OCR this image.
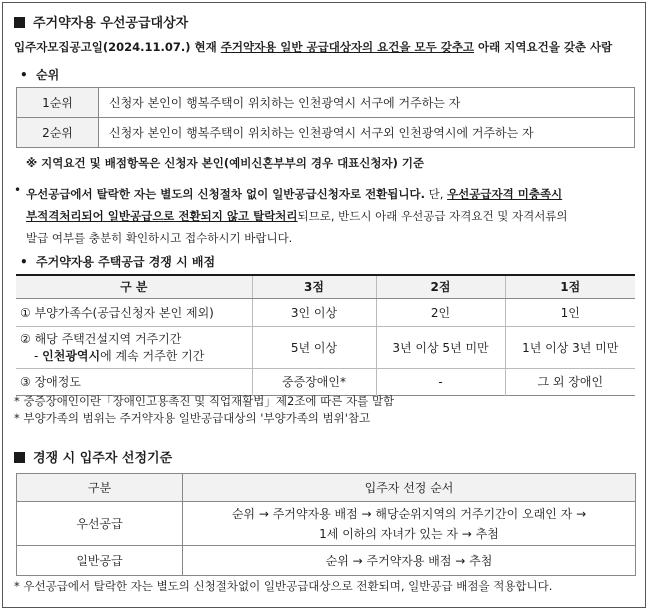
주거약자용 우선공급대상자
입주자모집공고일(2024.11.07.) 현재 주거약자용 일반 공급대상자의 요건을 모두 갖추고 아래 지역요건을 갖춘 사람
• 순위
1순위	신청자 본인이 행복주택이 위치하는 인천광역시 서구에 거주하는 자
2순위	신청자 본인이 행복주택이 위치하는 인천광역시 서구외 인천광역시에 거주하는 자
※ 지역요건 및 배점항목은 신청자 본인(예비신혼부부의 경우 대표신청자) 기준
• 우선공급에서 탈락한 자는 별도의 신청절차 없이 일반공급신청자로 전환됩니다. 단, 우선공급자격 미충족시
부적격처리되어 일반공급으로 전환되지 않고 탈락처리되므로, 반드시 아래 우선공급 자격요건 및 자격서류의
발급 여부를 충분히 확인하시고 접수하시기 바랍니다.
• 주거약자용 주택공급 경쟁 시 배점
구 분	3점	2점	1점
① 부양가족수(공급신청자 본인 제외)	3인 이상	2인	1인

② 해당 주택건설지역 거주기간
- 인천광역시에 계속 거주한 기간	5년 이상	3년 이상 5년 미만	1년 이상 3년 미만
③ 장애정도	중증장애인*	-	그 외 장애인
* 중증장애인이란「장애인고용촉진 및 직업재활법」제2조에 따른 자를 말함
* 부양가족의 범위는 주거약자용 일반공급대상의 '부양가족의 범위'참고
경쟁 시 입주자 선정기준
구분	입주자 선정 순서
우선공급	순위 → 주거약자용 배점 → 해당순위지역의 거주기간이 오래인 자 →
1세 이하의 자녀가 있는 자 → 추첨

일반공급	순위 → 주거약자용 배점 → 추첨
* 우선공급에서 탈락한 자는 별도의 신청절차없이 일반공급대상으로 전환되며, 일반공급 배점을 적용합니다.
